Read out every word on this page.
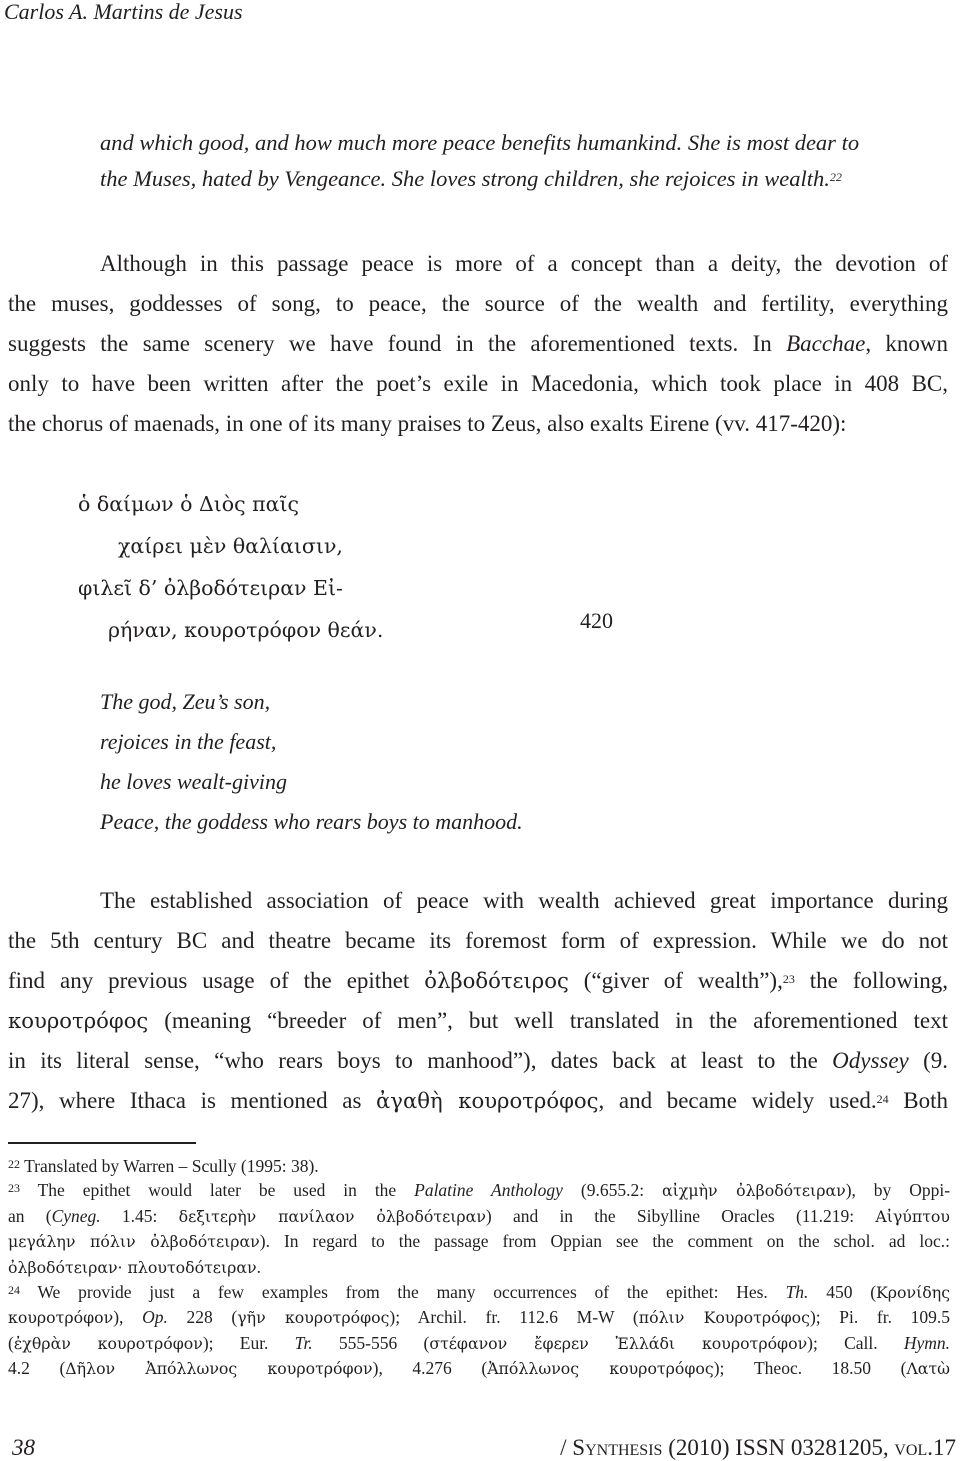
Carlos A. Martins de Jesus
and which good, and how much more peace benefits humankind. She is most dear to
the Muses, hated by Vengeance. She loves strong children, she rejoices in wealth.$^{22}$
Although in this passage peace is more of a concept than a deity, the devotion of
the muses, goddesses of song, to peace, the source of the wealth and fertility, everything
suggests the same scenery we have found in the aforementioned texts. In Bacchae, known
only to have been written after the poet’s exile in Macedonia, which took place in 408 BC,
the chorus of maenads, in one of its many praises to Zeus, also exalts Eirene (vv. 417-420):
ὁ δαίμων ὁ Διὸς παῖς
χαίρει μὲν θαλίαισιν,
φιλεῖ δ’ ὀλβοδότειραν Εἰ-
ρήναν, κουροτρόφον θεάν.	420
The god, Zeu’s son,
rejoices in the feast,
he loves wealt-giving
Peace, the goddess who rears boys to manhood.
The established association of peace with wealth achieved great importance during
the 5th century BC and theatre became its foremost form of expression. While we do not
find any previous usage of the epithet ὀλβοδότειρος (“giver of wealth”),$^{23}$ the following,
κουροτρόφος (meaning “breeder of men”, but well translated in the aforementioned text
in its literal sense, “who rears boys to manhood”), dates back at least to the Odyssey (9.
27), where Ithaca is mentioned as ἀγαθὴ κουροτρόφος, and became widely used.$^{24}$ Both
$^{22}$ Translated by Warren – Scully (1995: 38).
$^{23}$ The epithet would later be used in the Palatine Anthology (9.655.2: αἰχμὴν ὀλβοδότειραν), by Oppi-
an (Cyneg. 1.45: δεξιτερὴν πανίλαον ὀλβοδότειραν) and in the Sibylline Oracles (11.219: Αἰγύπτου
μεγάλην πόλιν ὀλβοδότειραν). In regard to the passage from Oppian see the comment on the schol. ad loc.:
ὀλβοδότειραν· πλουτοδότειραν.
$^{24}$ We provide just a few examples from the many occurrences of the epithet: Hes. Th. 450 (Κρονίδης
κουροτρόφον), Op. 228 (γῆν κουροτρόφος); Archil. fr. 112.6 M-W (πόλιν Κουροτρόφος); Pi. fr. 109.5
(ἐχθρὰν κουροτρόφον); Eur. Tr. 555-556 (στέφανον ἔφερεν Ἑλλάδι κουροτρόφον); Call. Hymn.
4.2 (Δῆλον Ἀπόλλωνος κουροτρόφον), 4.276 (Ἀπόλλωνος κουροτρόφος); Theoc. 18.50 (Λατὼ
38	/ Synthesis (2010) ISSN 03281205, vol.17
